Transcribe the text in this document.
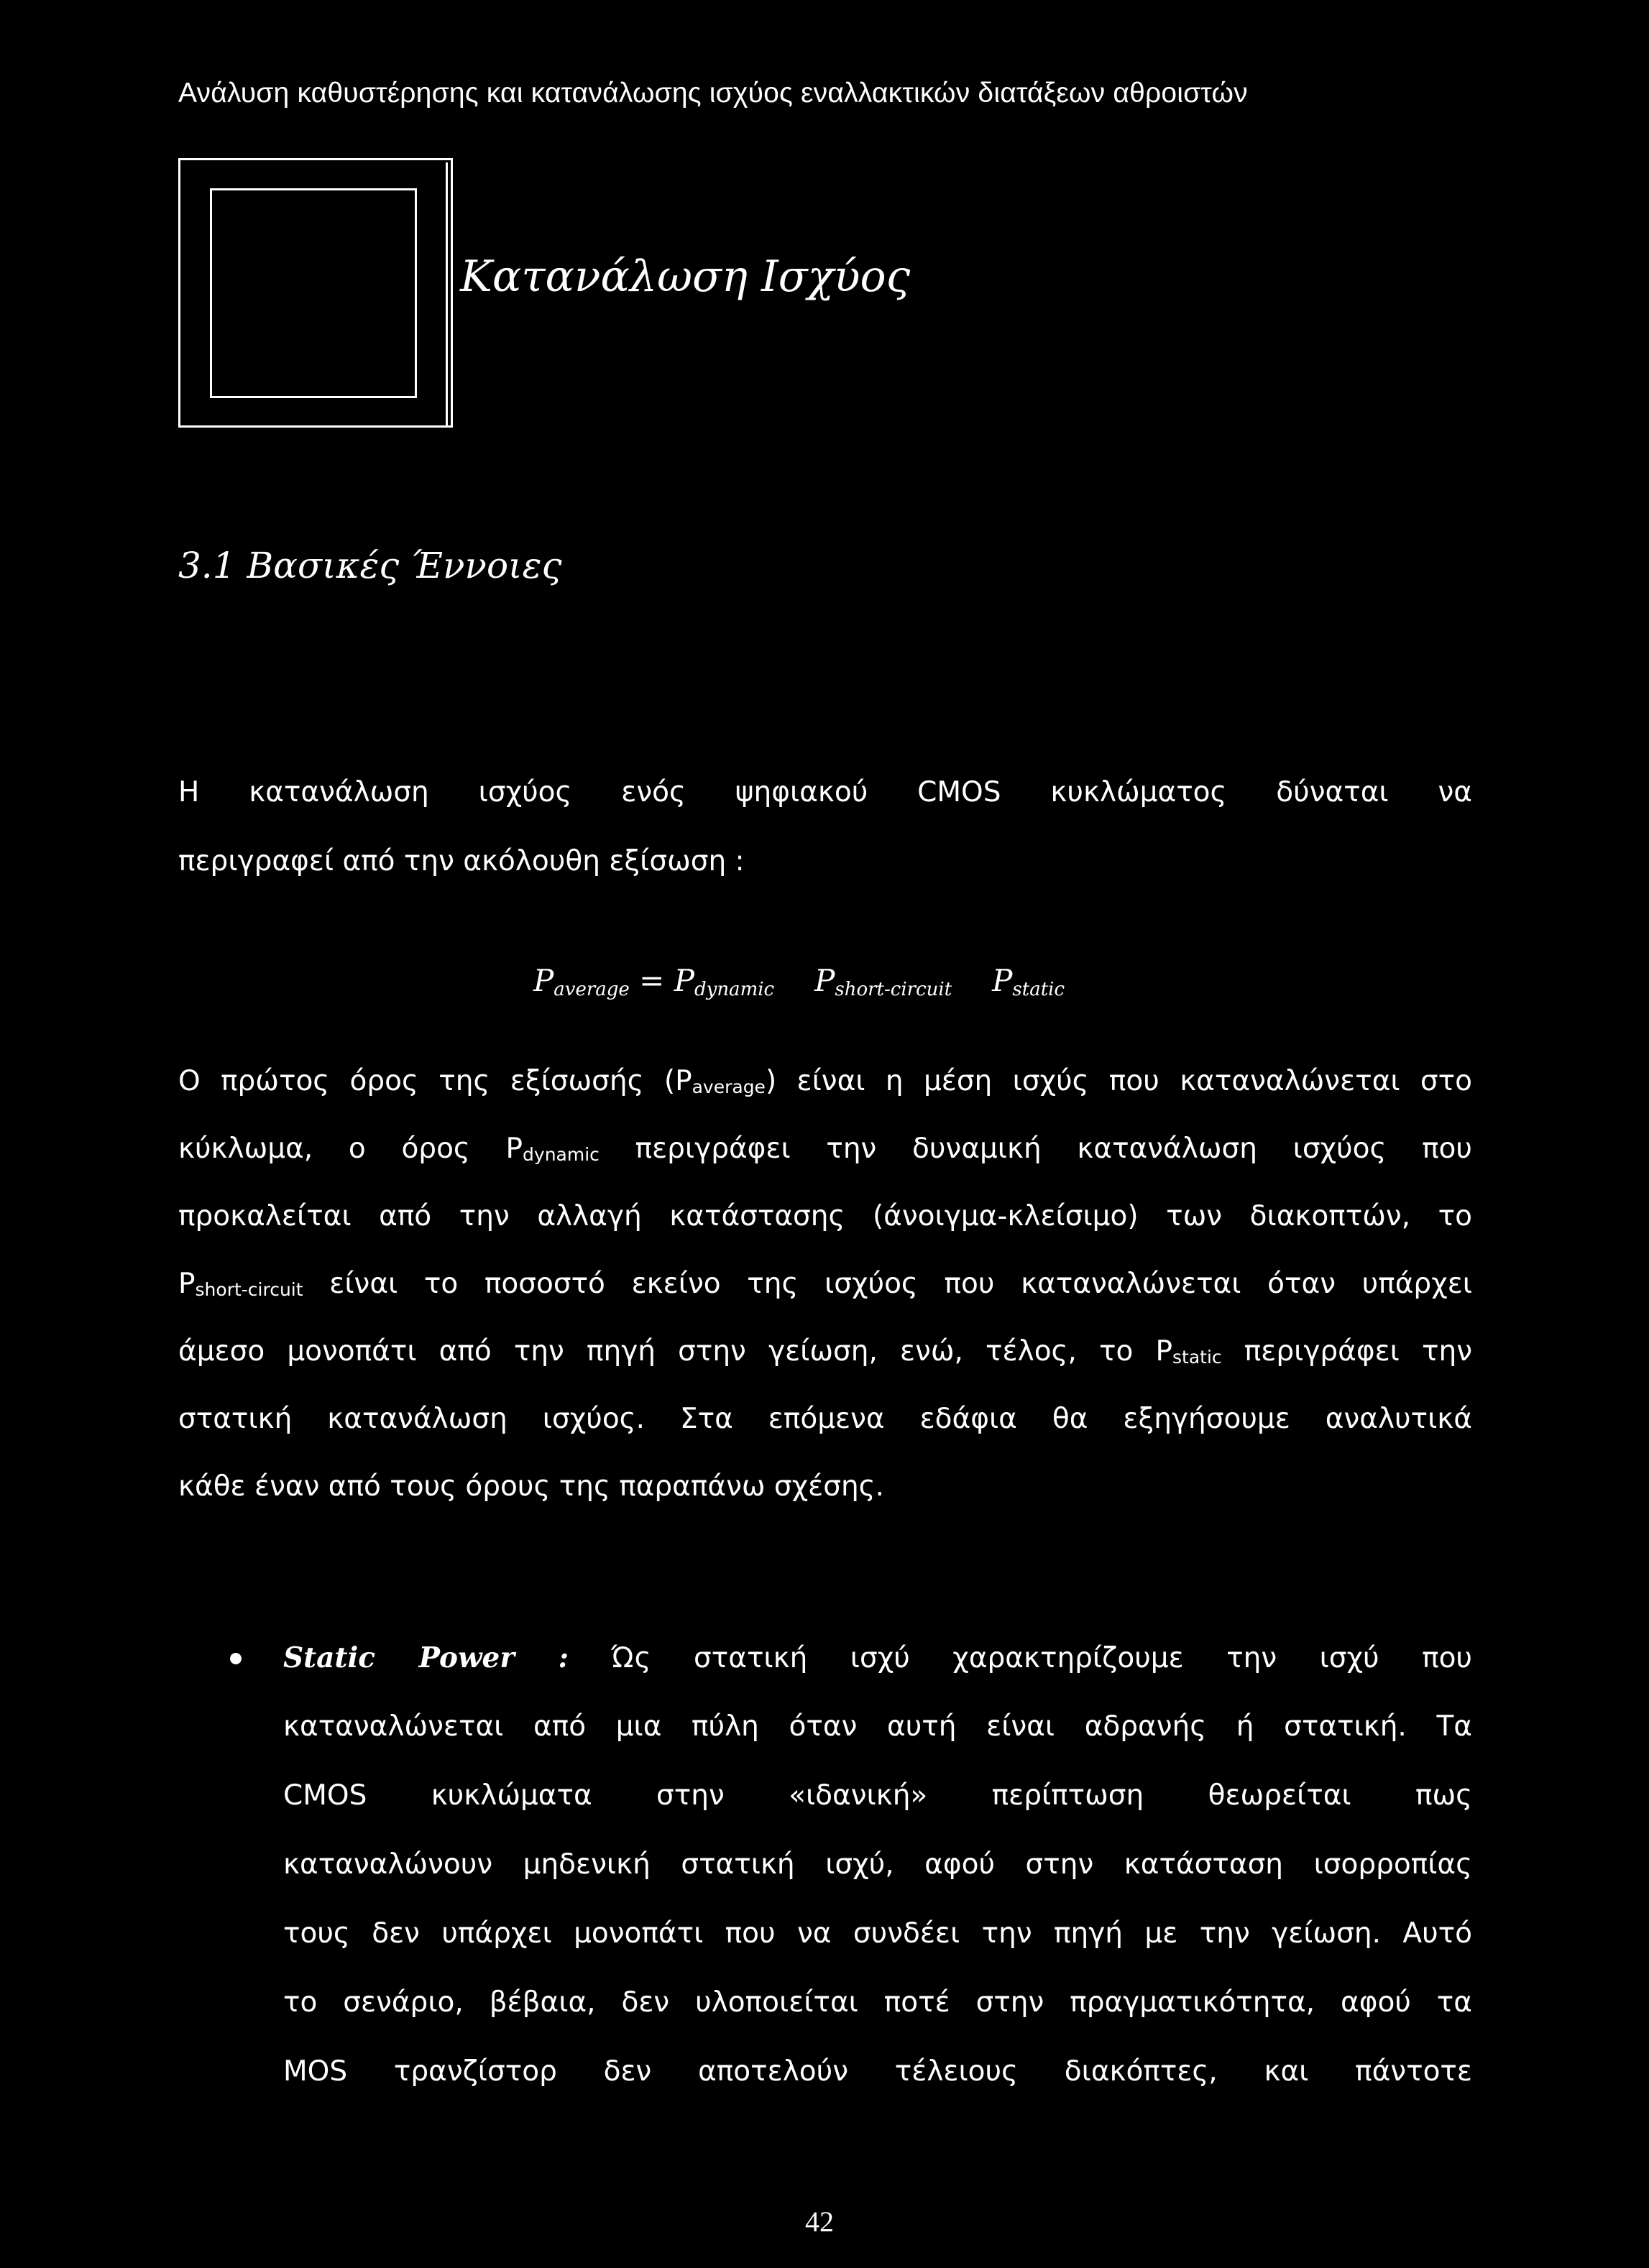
Ανάλυση καθυστέρησης και κατανάλωσης ισχύος εναλλακτικών διατάξεων αθροιστών
Κατανάλωση Ισχύος
3.1 Βασικές Έννοιες
Η κατανάλωση ισχύος ενός ψηφιακού CMOS κυκλώματος δύναται να
περιγραφεί από την ακόλουθη εξίσωση :
$P_{average} = P_{dynamic}$ $P_{short-circuit}$ $P_{static}$
Ο πρώτος όρος της εξίσωσής (Paverage) είναι η μέση ισχύς που καταναλώνεται στο
κύκλωμα, ο όρος Pdynamic περιγράφει την δυναμική κατανάλωση ισχύος που
προκαλείται από την αλλαγή κατάστασης (άνοιγμα-κλείσιμο) των διακοπτών, το
Pshort-circuit είναι το ποσοστό εκείνο της ισχύος που καταναλώνεται όταν υπάρχει
άμεσο μονοπάτι από την πηγή στην γείωση, ενώ, τέλος, το Pstatic περιγράφει την
στατική κατανάλωση ισχύος. Στα επόμενα εδάφια θα εξηγήσουμε αναλυτικά
κάθε έναν από τους όρους της παραπάνω σχέσης.
Static Power : Ώς στατική ισχύ χαρακτηρίζουμε την ισχύ που
καταναλώνεται από μια πύλη όταν αυτή είναι αδρανής ή στατική. Τα
CMOS κυκλώματα στην «ιδανική» περίπτωση θεωρείται πως
καταναλώνουν μηδενική στατική ισχύ, αφού στην κατάσταση ισορροπίας
τους δεν υπάρχει μονοπάτι που να συνδέει την πηγή με την γείωση. Αυτό
το σενάριο, βέβαια, δεν υλοποιείται ποτέ στην πραγματικότητα, αφού τα
MOS τρανζίστορ δεν αποτελούν τέλειους διακόπτες, και πάντοτε
42
